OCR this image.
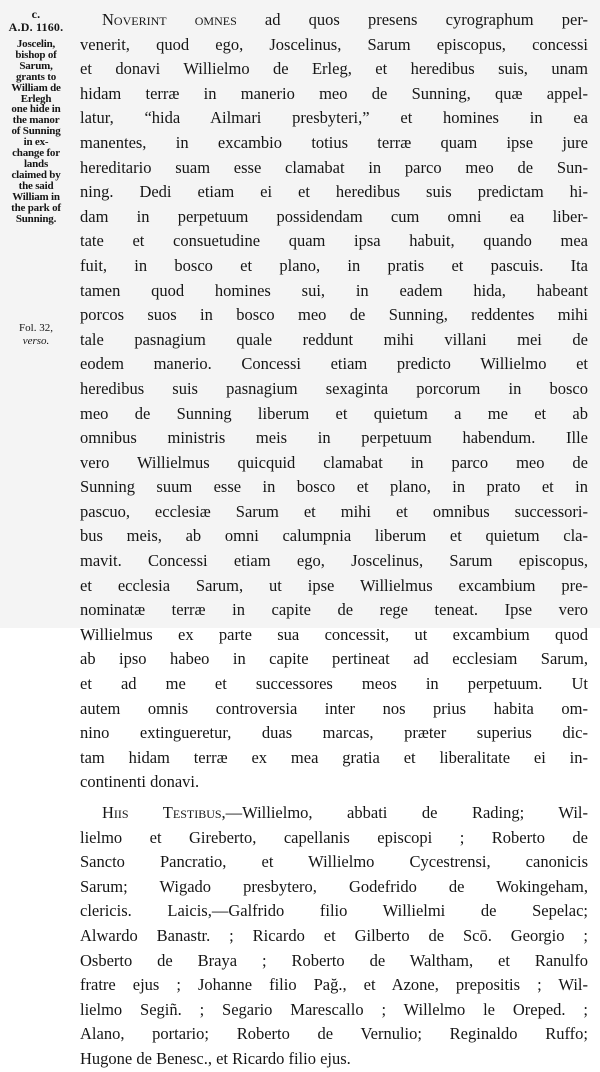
c.
A.D. 1160.
Joscelin,
bishop of
Sarum,
grants to
William de
Erlegh
one hide in
the manor
of Sunning
in ex-
change for
lands
claimed by
the said
William in
the park of
Sunning.
Fol. 32,
verso.
Noverint omnes ad quos presens cyrographum per-
venerit, quod ego, Joscelinus, Sarum episcopus, concessi
et donavi Willielmo de Erleg, et heredibus suis, unam
hidam terræ in manerio meo de Sunning, quæ appel-
latur, “hida Ailmari presbyteri,” et homines in ea
manentes, in excambio totius terræ quam ipse jure
hereditario suam esse clamabat in parco meo de Sun-
ning. Dedi etiam ei et heredibus suis predictam hi-
dam in perpetuum possidendam cum omni ea liber-
tate et consuetudine quam ipsa habuit, quando mea
fuit, in bosco et plano, in pratis et pascuis. Ita
tamen quod homines sui, in eadem hida, habeant
porcos suos in bosco meo de Sunning, reddentes mihi
tale pasnagium quale reddunt mihi villani mei de
eodem manerio. Concessi etiam predicto Willielmo et
heredibus suis pasnagium sexaginta porcorum in bosco
meo de Sunning liberum et quietum a me et ab
omnibus ministris meis in perpetuum habendum. Ille
vero Willielmus quicquid clamabat in parco meo de
Sunning suum esse in bosco et plano, in prato et in
pascuo, ecclesiæ Sarum et mihi et omnibus successori-
bus meis, ab omni calumpnia liberum et quietum cla-
mavit. Concessi etiam ego, Joscelinus, Sarum episcopus,
et ecclesia Sarum, ut ipse Willielmus excambium pre-
nominatæ terræ in capite de rege teneat. Ipse vero
Willielmus ex parte sua concessit, ut excambium quod
ab ipso habeo in capite pertineat ad ecclesiam Sarum,
et ad me et successores meos in perpetuum. Ut
autem omnis controversia inter nos prius habita om-
nino extingueretur, duas marcas, præter superius dic-
tam hidam terræ ex mea gratia et liberalitate ei in-
continenti donavi.
Hiis Testibus,—Willielmo, abbati de Rading; Wil-
lielmo et Gireberto, capellanis episcopi ; Roberto de
Sancto Pancratio, et Willielmo Cycestrensi, canonicis
Sarum; Wigado presbytero, Godefrido de Wokingeham,
clericis. Laicis,—Galfrido filio Willielmi de Sepelac;
Alwardo Banastr. ; Ricardo et Gilberto de Scō. Georgio ;
Osberto de Braya ; Roberto de Waltham, et Ranulfo
fratre ejus ; Johanne filio Pağ., et Azone, prepositis ; Wil-
lielmo Segiñ. ; Segario Marescallo ; Willelmo le Oreped. ;
Alano, portario; Roberto de Vernulio; Reginaldo Ruffo;
Hugone de Benesc., et Ricardo filio ejus.
